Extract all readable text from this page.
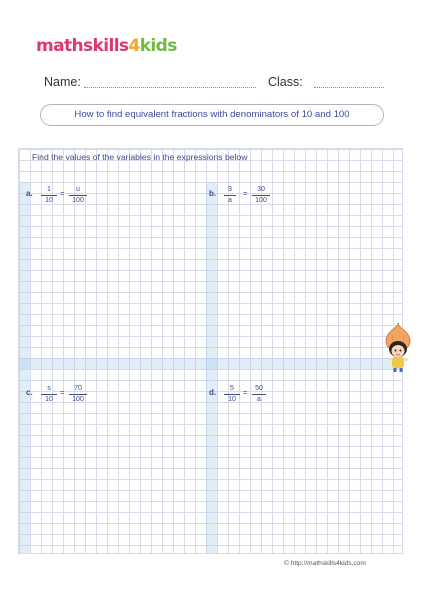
mathskills4kids
Name:	Class:
How to find equivalent fractions with denominators of 10 and 100
Find the values of the variables in the expressions below
a. $\frac{1}{10} = \frac{u}{100}$	b. $\frac{3}{a} = \frac{30}{100}$
c. $\frac{s}{10} = \frac{70}{100}$	d. $\frac{5}{10} = \frac{50}{a}$
© http://mathskills4kids.com
